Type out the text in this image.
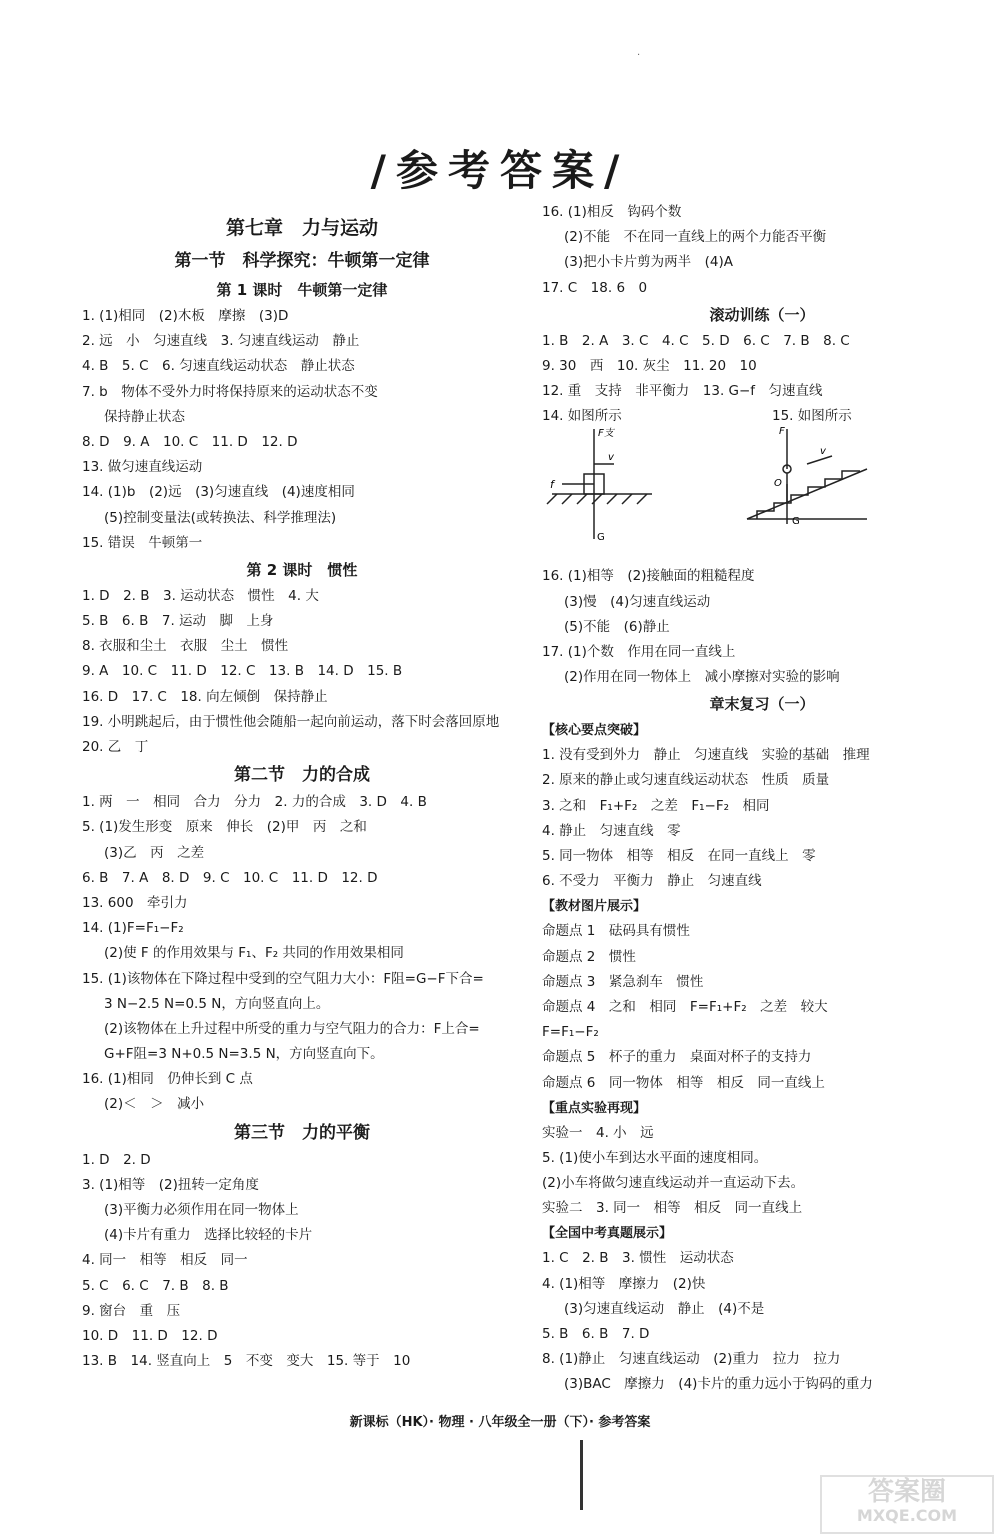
·
/参考答案/
第七章　力与运动
第一节　科学探究：牛顿第一定律
第 1 课时　牛顿第一定律
1. (1)相同　(2)木板　摩擦　(3)D
2. 远　小　匀速直线　3. 匀速直线运动　静止
4. B　5. C　6. 匀速直线运动状态　静止状态
7. b　物体不受外力时将保持原来的运动状态不变
保持静止状态
8. D　9. A　10. C　11. D　12. D
13. 做匀速直线运动
14. (1)b　(2)远　(3)匀速直线　(4)速度相同
(5)控制变量法(或转换法、科学推理法)
15. 错误　牛顿第一
第 2 课时　惯性
1. D　2. B　3. 运动状态　惯性　4. 大
5. B　6. B　7. 运动　脚　上身
8. 衣服和尘土　衣服　尘土　惯性
9. A　10. C　11. D　12. C　13. B　14. D　15. B
16. D　17. C　18. 向左倾倒　保持静止
19. 小明跳起后，由于惯性他会随船一起向前运动，落下时会落回原地
20. 乙　丁
第二节　力的合成
1. 两　一　相同　合力　分力　2. 力的合成　3. D　4. B
5. (1)发生形变　原来　伸长　(2)甲　丙　之和
(3)乙　丙　之差
6. B　7. A　8. D　9. C　10. C　11. D　12. D
13. 600　牵引力
14. (1)F=F₁−F₂
(2)使 F 的作用效果与 F₁、F₂ 共同的作用效果相同
15. (1)该物体在下降过程中受到的空气阻力大小：F阻=G−F下合=
3 N−2.5 N=0.5 N，方向竖直向上。
(2)该物体在上升过程中所受的重力与空气阻力的合力：F上合=
G+F阻=3 N+0.5 N=3.5 N，方向竖直向下。
16. (1)相同　仍伸长到 C 点
(2)＜　＞　减小
第三节　力的平衡
1. D　2. D
3. (1)相等　(2)扭转一定角度
(3)平衡力必须作用在同一物体上
(4)卡片有重力　选择比较轻的卡片
4. 同一　相等　相反　同一
5. C　6. C　7. B　8. B
9. 窗台　重　压
10. D　11. D　12. D
13. B　14. 竖直向上　5　不变　变大　15. 等于　10
16. (1)相反　钩码个数
(2)不能　不在同一直线上的两个力能否平衡
(3)把小卡片剪为两半　(4)A
17. C　18. 6　0
滚动训练（一）
1. B　2. A　3. C　4. C　5. D　6. C　7. B　8. C
9. 30　西　10. 灰尘　11. 20　10
12. 重　支持　非平衡力　13. G−f　匀速直线
14. 如图所示	15. 如图所示
F支
v
f
G
F
O
v
G
16. (1)相等　(2)接触面的粗糙程度
(3)慢　(4)匀速直线运动
(5)不能　(6)静止
17. (1)个数　作用在同一直线上
(2)作用在同一物体上　减小摩擦对实验的影响
章末复习（一）
【核心要点突破】
1. 没有受到外力　静止　匀速直线　实验的基础　推理
2. 原来的静止或匀速直线运动状态　性质　质量
3. 之和　F₁+F₂　之差　F₁−F₂　相同
4. 静止　匀速直线　零
5. 同一物体　相等　相反　在同一直线上　零
6. 不受力　平衡力　静止　匀速直线
【教材图片展示】
命题点 1　砝码具有惯性
命题点 2　惯性
命题点 3　紧急刹车　惯性
命题点 4　之和　相同　F=F₁+F₂　之差　较大
F=F₁−F₂
命题点 5　杯子的重力　桌面对杯子的支持力
命题点 6　同一物体　相等　相反　同一直线上
【重点实验再现】
实验一　4. 小　远
5. (1)使小车到达水平面的速度相同。
(2)小车将做匀速直线运动并一直运动下去。
实验二　3. 同一　相等　相反　同一直线上
【全国中考真题展示】
1. C　2. B　3. 惯性　运动状态
4. (1)相等　摩擦力　(2)快
(3)匀速直线运动　静止　(4)不是
5. B　6. B　7. D
8. (1)静止　匀速直线运动　(2)重力　拉力　拉力
(3)BAC　摩擦力　(4)卡片的重力远小于钩码的重力
新课标（HK）· 物理 · 八年级全一册（下）· 参考答案
答案圈
MXQE.COM
